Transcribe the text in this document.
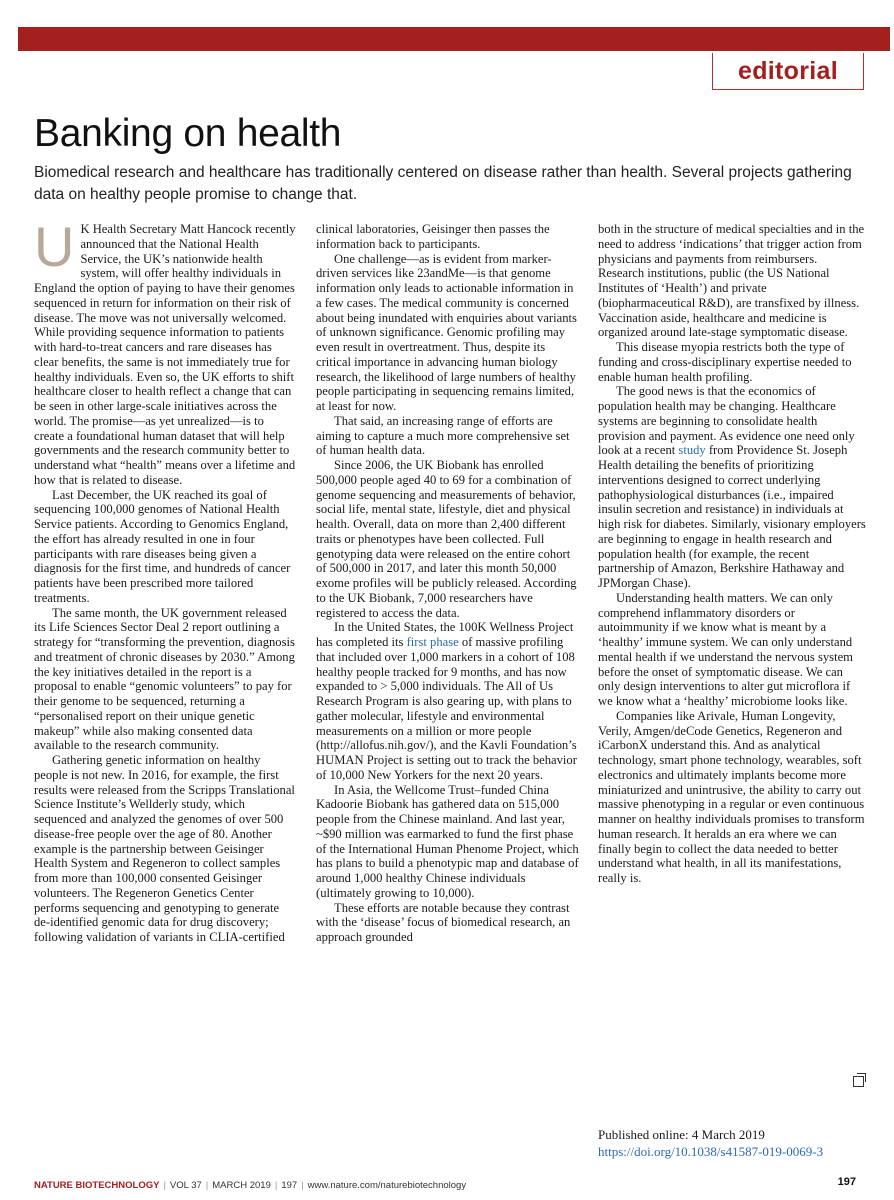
editorial
Banking on health

Biomedical research and healthcare has traditionally centered on disease rather than health. Several projects gathering data on healthy people promise to change that.

U K Health Secretary Matt Hancock recently announced that the National Health Service, the UK’s nationwide health system, will offer healthy individuals in England the option of paying to have their genomes sequenced in return for information on their risk of disease. The move was not universally welcomed.

While providing sequence information to patients with hard-to-treat cancers and rare diseases has clear benefits, the same is not immediately true for healthy individuals. Even so, the UK efforts to shift healthcare closer to health reflect a change that can be seen in other large-scale initiatives across the world. The promise—as yet unrealized—is to create a foundational human dataset that will help governments and the research community better to understand what “health” means over a lifetime and how that is related to disease.

Last December, the UK reached its goal of sequencing 100,000 genomes of National Health Service patients. According to Genomics England, the effort has already resulted in one in four participants with rare diseases being given a diagnosis for the first time, and hundreds of cancer patients have been prescribed more tailored treatments.

The same month, the UK government released its Life Sciences Sector Deal 2 report outlining a strategy for “transforming the prevention, diagnosis and treatment of chronic diseases by 2030.” Among the key initiatives detailed in the report is a proposal to enable “genomic volunteers” to pay for their genome to be sequenced, returning a “personalised report on their unique genetic makeup” while also making consented data available to the research community.

Gathering genetic information on healthy people is not new. In 2016, for example, the first results were released from the Scripps Translational Science Institute’s Wellderly study, which sequenced and analyzed the genomes of over 500 disease-free people over the age of 80. Another example is the partnership between Geisinger Health System and Regeneron to collect samples from more than 100,000 consented Geisinger volunteers. The Regeneron Genetics Center performs sequencing and genotyping to generate de-identified genomic data for drug discovery; following validation of variants in CLIA-certified

clinical laboratories, Geisinger then passes the information back to participants.

One challenge—as is evident from marker-driven services like 23andMe—is that genome information only leads to actionable information in a few cases. The medical community is concerned about being inundated with enquiries about variants of unknown significance. Genomic profiling may even result in overtreatment. Thus, despite its critical importance in advancing human biology research, the likelihood of large numbers of healthy people participating in sequencing remains limited, at least for now.

That said, an increasing range of efforts are aiming to capture a much more comprehensive set of human health data.

Since 2006, the UK Biobank has enrolled 500,000 people aged 40 to 69 for a combination of genome sequencing and measurements of behavior, social life, mental state, lifestyle, diet and physical health. Overall, data on more than 2,400 different traits or phenotypes have been collected. Full genotyping data were released on the entire cohort of 500,000 in 2017, and later this month 50,000 exome profiles will be publicly released. According to the UK Biobank, 7,000 researchers have registered to access the data.

In the United States, the 100K Wellness Project has completed its first phase of massive profiling that included over 1,000 markers in a cohort of 108 healthy people tracked for 9 months, and has now expanded to > 5,000 individuals. The All of Us Research Program is also gearing up, with plans to gather molecular, lifestyle and environmental measurements on a million or more people (http://allofus.nih.gov/), and the Kavli Foundation’s HUMAN Project is setting out to track the behavior of 10,000 New Yorkers for the next 20 years.

In Asia, the Wellcome Trust–funded China Kadoorie Biobank has gathered data on 515,000 people from the Chinese mainland. And last year, ~$90 million was earmarked to fund the first phase of the International Human Phenome Project, which has plans to build a phenotypic map and database of around 1,000 healthy Chinese individuals (ultimately growing to 10,000).

These efforts are notable because they contrast with the ‘disease’ focus of biomedical research, an approach grounded

both in the structure of medical specialties and in the need to address ‘indications’ that trigger action from physicians and payments from reimbursers. Research institutions, public (the US National Institutes of ‘Health’) and private (biopharmaceutical R&D), are transfixed by illness. Vaccination aside, healthcare and medicine is organized around late-stage symptomatic disease.

This disease myopia restricts both the type of funding and cross-disciplinary expertise needed to enable human health profiling.

The good news is that the economics of population health may be changing. Healthcare systems are beginning to consolidate health provision and payment. As evidence one need only look at a recent study from Providence St. Joseph Health detailing the benefits of prioritizing interventions designed to correct underlying pathophysiological disturbances (i.e., impaired insulin secretion and resistance) in individuals at high risk for diabetes. Similarly, visionary employers are beginning to engage in health research and population health (for example, the recent partnership of Amazon, Berkshire Hathaway and JPMorgan Chase).

Understanding health matters. We can only comprehend inflammatory disorders or autoimmunity if we know what is meant by a ‘healthy’ immune system. We can only understand mental health if we understand the nervous system before the onset of symptomatic disease. We can only design interventions to alter gut microflora if we know what a ‘healthy’ microbiome looks like.

Companies like Arivale, Human Longevity, Verily, Amgen/deCode Genetics, Regeneron and iCarbonX understand this. And as analytical technology, smart phone technology, wearables, soft electronics and ultimately implants become more miniaturized and unintrusive, the ability to carry out massive phenotyping in a regular or even continuous manner on healthy individuals promises to transform human research. It heralds an era where we can finally begin to collect the data needed to better understand what health, in all its manifestations, really is.

Published online: 4 March 2019
https://doi.org/10.1038/s41587-019-0069-3
NATURE BIOTECHNOLOGY | VOL 37 | MARCH 2019 | 197 | www.nature.com/naturebiotechnology	197
